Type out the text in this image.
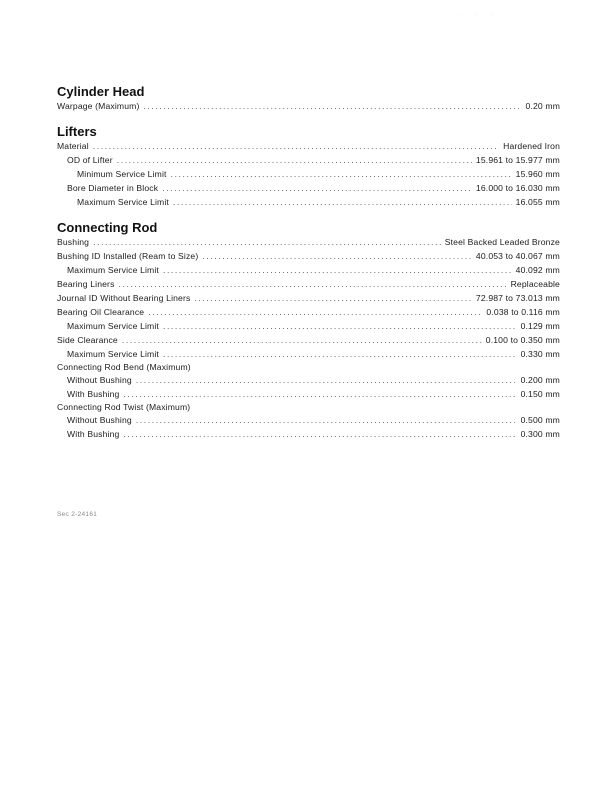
· · ·
Cylinder Head
Warpage (Maximum) . . .	0.20 mm
Lifters
Material . . .	Hardened Iron
OD of Lifter . . .	15.961 to 15.977 mm
Minimum Service Limit . . .	15.960 mm
Bore Diameter in Block . . .	16.000 to 16.030 mm
Maximum Service Limit . . .	16.055 mm
Connecting Rod
Bushing . . .	Steel Backed Leaded Bronze
Bushing ID Installed (Ream to Size) . . .	40.053 to 40.067 mm
Maximum Service Limit . . .	40.092 mm
Bearing Liners . . .	Replaceable
Journal ID Without Bearing Liners . . .	72.987 to 73.013 mm
Bearing Oil Clearance . . .	0.038 to 0.116 mm
Maximum Service Limit . . .	0.129 mm
Side Clearance . . .	0.100 to 0.350 mm
Maximum Service Limit . . .	0.330 mm
Connecting Rod Bend (Maximum)
Without Bushing . . .	0.200 mm
With Bushing . . .	0.150 mm
Connecting Rod Twist (Maximum)
Without Bushing . . .	0.500 mm
With Bushing . . .	0.300 mm
Sec 2-24161
